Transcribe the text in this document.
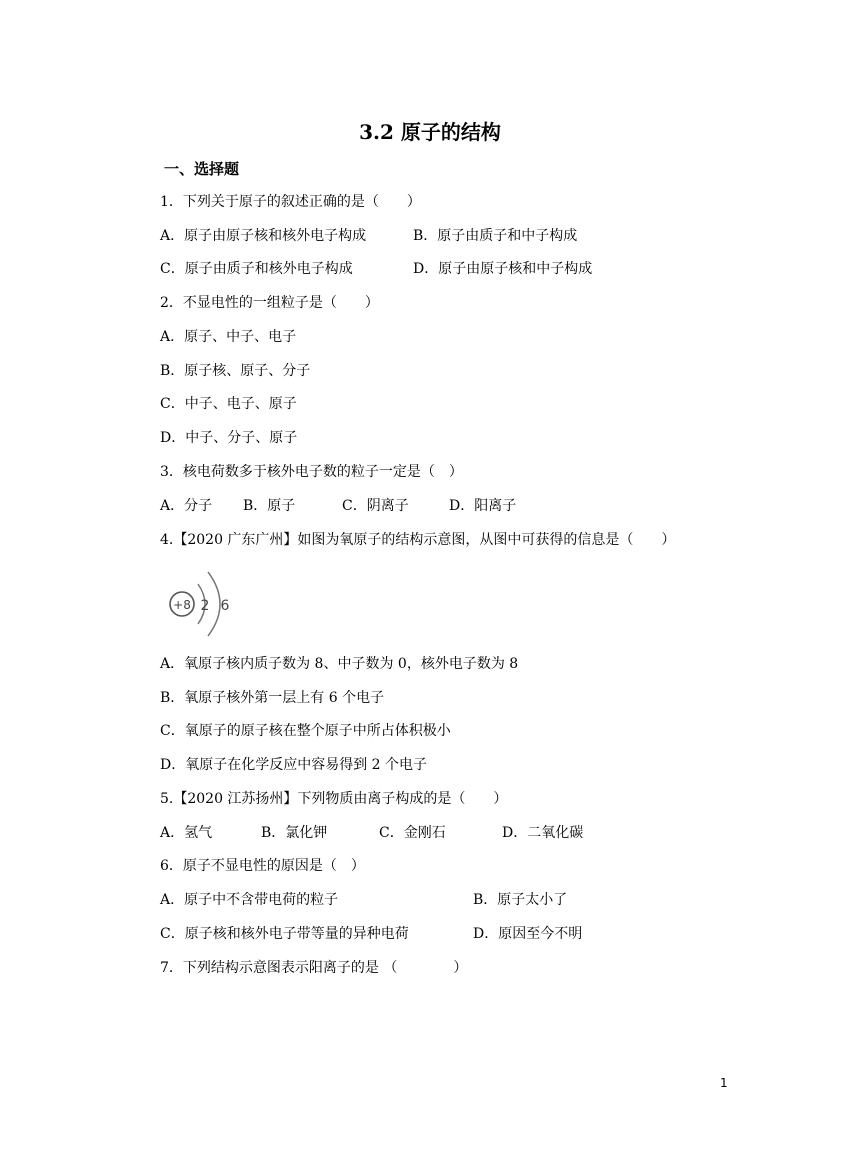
3.2 原子的结构
一、选择题
1．下列关于原子的叙述正确的是（　　）
A．原子由原子核和核外电子构成	B．原子由质子和中子构成
C．原子由质子和核外电子构成	D．原子由原子核和中子构成
2．不显电性的一组粒子是（　　）
A．原子、中子、电子
B．原子核、原子、分子
C．中子、电子、原子
D．中子、分子、原子
3．核电荷数多于核外电子数的粒子一定是（　）
A．分子 B．原子	C．阴离子	D．阳离子
4.【2020 广东广州】如图为氧原子的结构示意图，从图中可获得的信息是（　　）
+8 2 6
A．氧原子核内质子数为 8、中子数为 0，核外电子数为 8
B．氧原子核外第一层上有 6 个电子
C．氧原子的原子核在整个原子中所占体积极小
D．氧原子在化学反应中容易得到 2 个电子
5.【2020 江苏扬州】下列物质由离子构成的是（　　）
A．氢气	B．氯化钾	C．金刚石	D．二氧化碳
6．原子不显电性的原因是（　）
A．原子中不含带电荷的粒子	B．原子太小了
C．原子核和核外电子带等量的异种电荷	D．原因至今不明
7．下列结构示意图表示阳离子的是 （　　　　）
1
